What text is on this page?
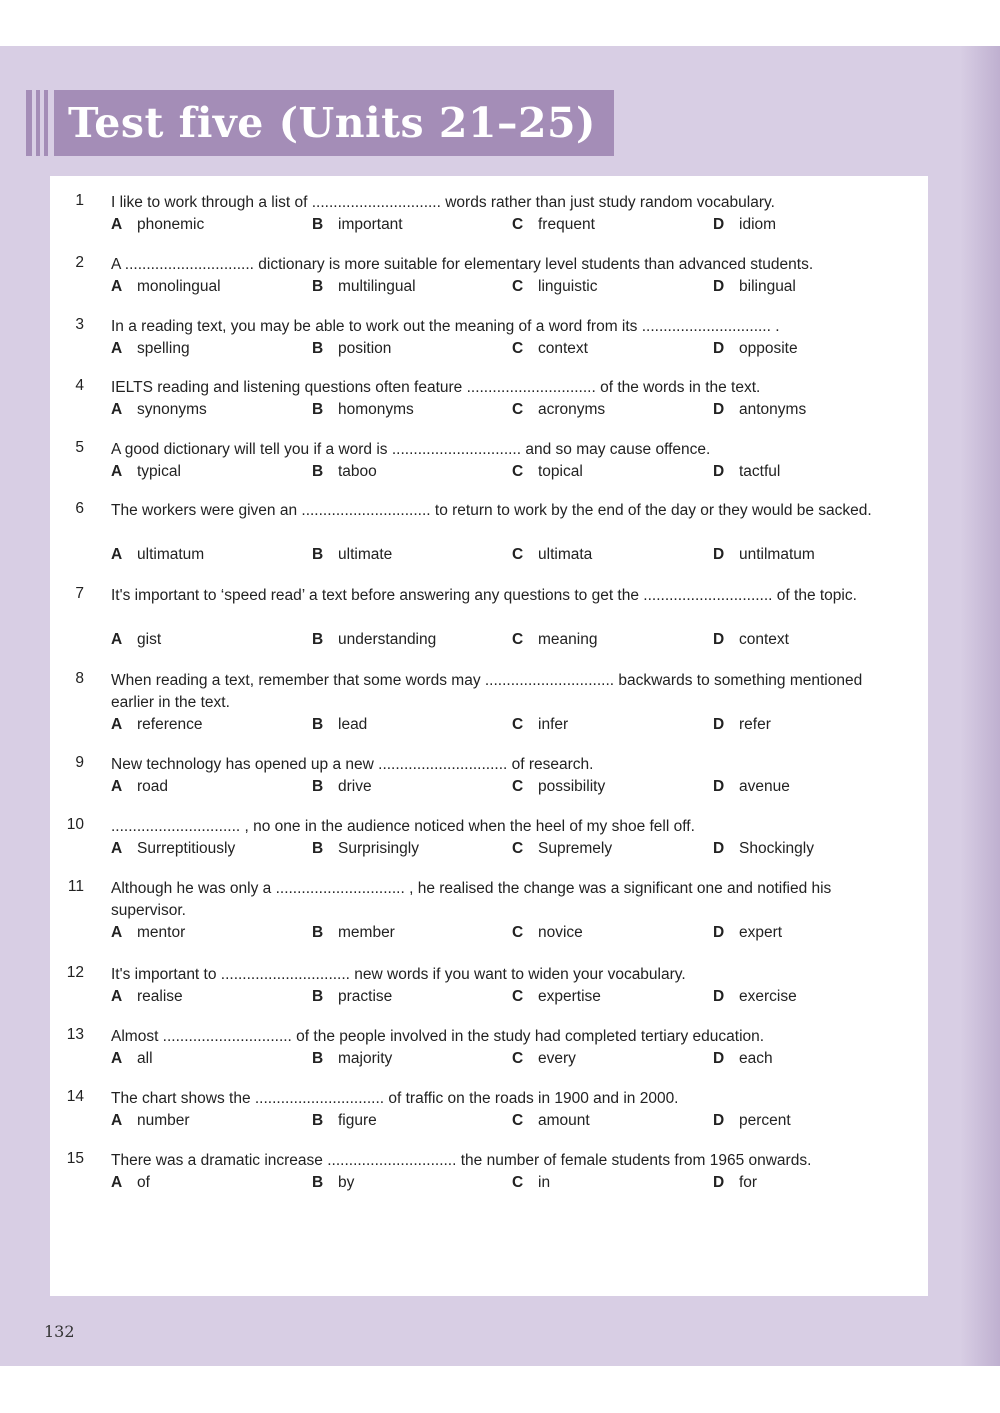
Test five (Units 21–25)
1 I like to work through a list of .............................. words rather than just study random vocabulary.
A phonemic	B important	C frequent	D idiom
2 A .............................. dictionary is more suitable for elementary level students than advanced students.
A monolingual	B multilingual	C linguistic	D bilingual
3 In a reading text, you may be able to work out the meaning of a word from its .............................. .
A spelling	B position	C context	D opposite
4 IELTS reading and listening questions often feature .............................. of the words in the text.
A synonyms	B homonyms	C acronyms	D antonyms
5 A good dictionary will tell you if a word is .............................. and so may cause offence.
A typical	B taboo	C topical	D tactful
6 The workers were given an .............................. to return to work by the end of the day or they would be sacked.
A ultimatum	B ultimate	C ultimata	D untilmatum
7 It's important to ‘speed read’ a text before answering any questions to get the .............................. of the topic.
A gist	B understanding	C meaning	D context
8 When reading a text, remember that some words may .............................. backwards to something mentioned earlier in the text.
A reference	B lead	C infer	D refer
9 New technology has opened up a new .............................. of research.
A road	B drive	C possibility	D avenue
10 .............................. , no one in the audience noticed when the heel of my shoe fell off.
A Surreptitiously	B Surprisingly	C Supremely	D Shockingly
11 Although he was only a .............................. , he realised the change was a significant one and notified his supervisor.
A mentor	B member	C novice	D expert
12 It's important to .............................. new words if you want to widen your vocabulary.
A realise	B practise	C expertise	D exercise
13 Almost .............................. of the people involved in the study had completed tertiary education.
A all	B majority	C every	D each
14 The chart shows the .............................. of traffic on the roads in 1900 and in 2000.
A number	B figure	C amount	D percent
15 There was a dramatic increase .............................. the number of female students from 1965 onwards.
A of	B by	C in	D for
132
